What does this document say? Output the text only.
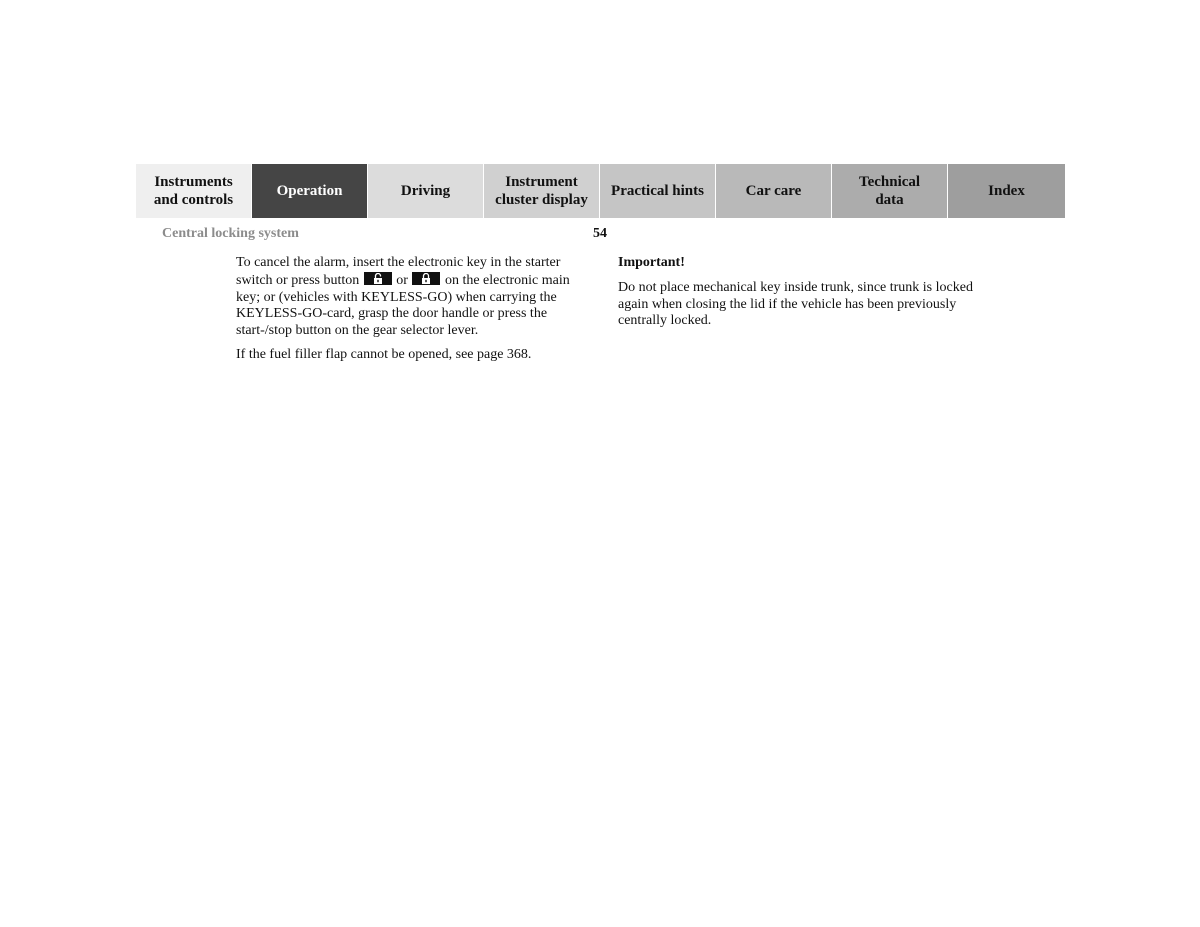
Instruments
and controls
Operation	Driving
Instrument
cluster display
Practical hints	Car care
Technical
data
Index
Central locking system	54

To cancel the alarm, insert the electronic key in the starter switch or press button	or	on the electronic main key; or (vehicles with KEYLESS-GO) when carrying the KEYLESS-GO-card, grasp the door handle or press the start-/stop button on the gear selector lever.

If the fuel filler flap cannot be opened, see page 368.

Important!

Do not place mechanical key inside trunk, since trunk is locked again when closing the lid if the vehicle has been previously centrally locked.
